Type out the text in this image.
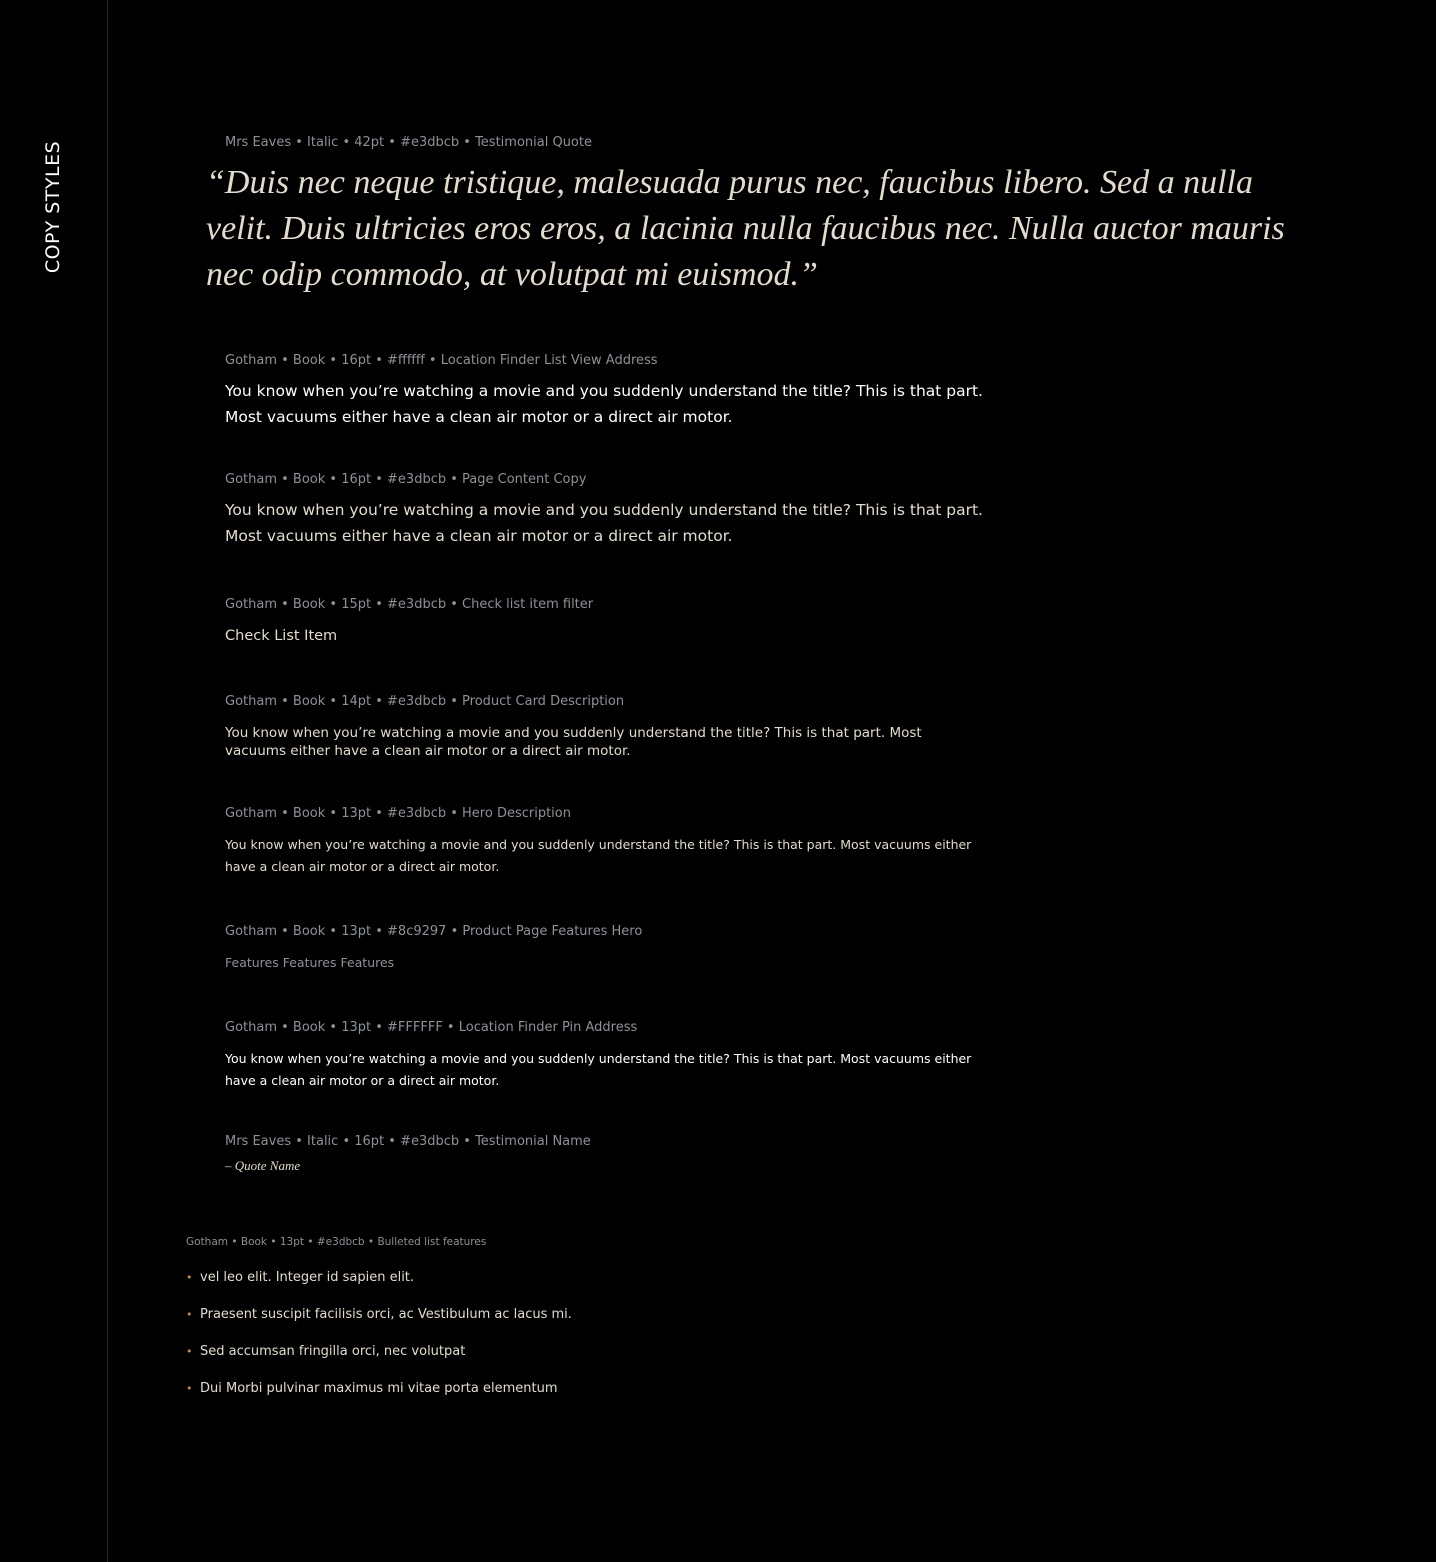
COPY STYLES	Mrs Eaves • Italic • 42pt • #e3dbcb • Testimonial Quote

“Duis nec neque tristique, malesuada purus nec, faucibus libero. Sed a nulla velit. Duis ultricies eros eros, a lacinia nulla faucibus nec. Nulla auctor mauris nec odip commodo, at volutpat mi euismod.”

Gotham • Book • 16pt • #ffffff • Location Finder List View Address

You know when you’re watching a movie and you suddenly understand the title? This is that part. Most vacuums either have a clean air motor or a direct air motor.

Gotham • Book • 16pt • #e3dbcb • Page Content Copy

You know when you’re watching a movie and you suddenly understand the title? This is that part. Most vacuums either have a clean air motor or a direct air motor.

Gotham • Book • 15pt • #e3dbcb • Check list item filter

Check List Item

Gotham • Book • 14pt • #e3dbcb • Product Card Description

You know when you’re watching a movie and you suddenly understand the title? This is that part. Most vacuums either have a clean air motor or a direct air motor.

Gotham • Book • 13pt • #e3dbcb • Hero Description

You know when you’re watching a movie and you suddenly understand the title? This is that part. Most vacuums either have a clean air motor or a direct air motor.

Gotham • Book • 13pt • #8c9297 • Product Page Features Hero

Features Features Features

Gotham • Book • 13pt • #FFFFFF • Location Finder Pin Address

You know when you’re watching a movie and you suddenly understand the title? This is that part. Most vacuums either have a clean air motor or a direct air motor.

Mrs Eaves • Italic • 16pt • #e3dbcb • Testimonial Name
– Quote Name
Gotham • Book • 13pt • #e3dbcb • Bulleted list features
• vel leo elit. Integer id sapien elit.
• Praesent suscipit facilisis orci, ac Vestibulum ac lacus mi.
• Sed accumsan fringilla orci, nec volutpat
• Dui Morbi pulvinar maximus mi vitae porta elementum
